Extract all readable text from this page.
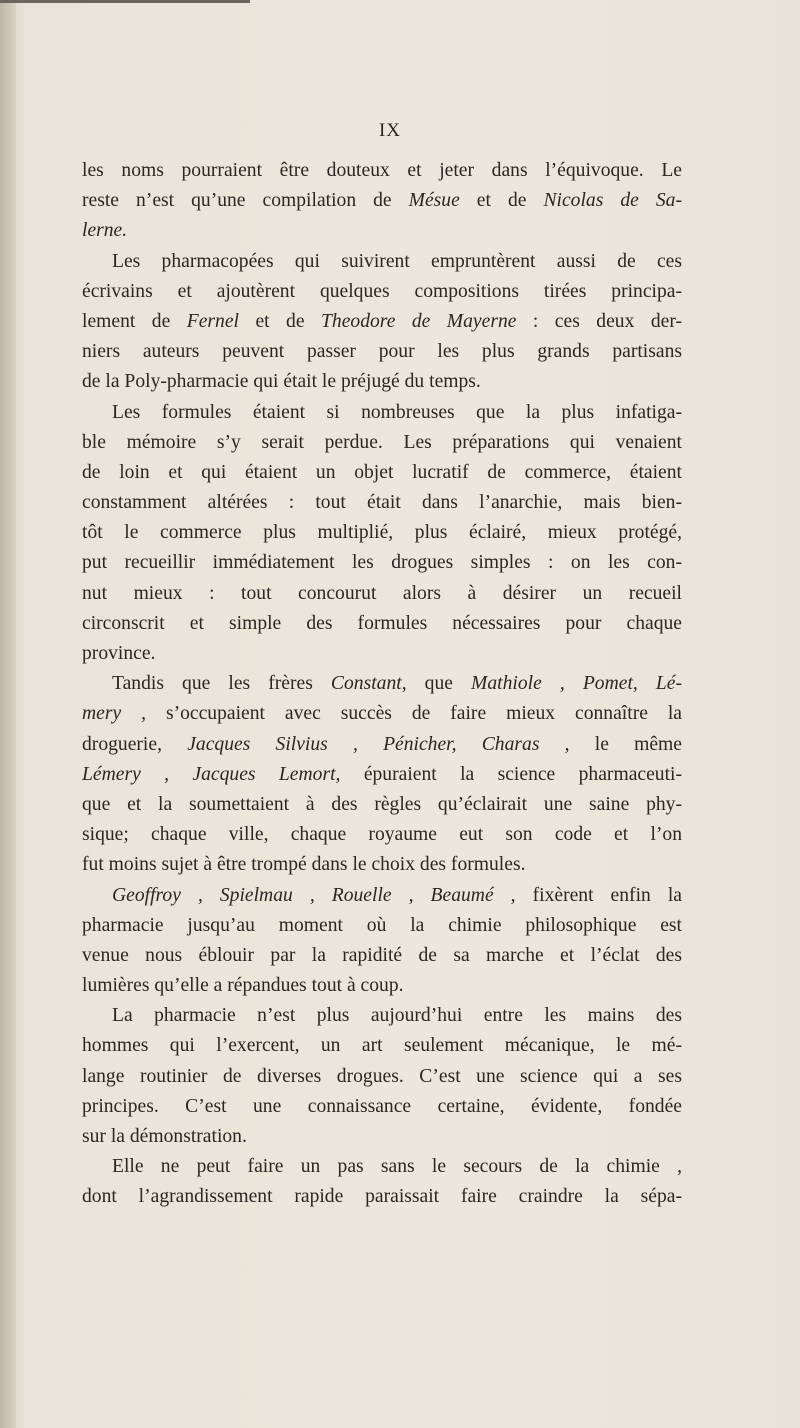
IX
les noms pourraient être douteux et jeter dans l’équivoque. Le
reste n’est qu’une compilation de Mésue et de Nicolas de Sa-
lerne.
Les pharmacopées qui suivirent empruntèrent aussi de ces
écrivains et ajoutèrent quelques compositions tirées principa-
lement de Fernel et de Theodore de Mayerne : ces deux der-
niers auteurs peuvent passer pour les plus grands partisans
de la Poly-pharmacie qui était le préjugé du temps.
Les formules étaient si nombreuses que la plus infatiga-
ble mémoire s’y serait perdue. Les préparations qui venaient
de loin et qui étaient un objet lucratif de commerce, étaient
constamment altérées : tout était dans l’anarchie, mais bien-
tôt le commerce plus multiplié, plus éclairé, mieux protégé,
put recueillir immédiatement les drogues simples : on les con-
nut mieux : tout concourut alors à désirer un recueil
circonscrit et simple des formules nécessaires pour chaque
province.
Tandis que les frères Constant, que Mathiole , Pomet, Lé-
mery , s’occupaient avec succès de faire mieux connaître la
droguerie, Jacques Silvius , Pénicher, Charas , le même
Lémery , Jacques Lemort, épuraient la science pharmaceuti-
que et la soumettaient à des règles qu’éclairait une saine phy-
sique; chaque ville, chaque royaume eut son code et l’on
fut moins sujet à être trompé dans le choix des formules.
Geoffroy , Spielmau , Rouelle , Beaumé , fixèrent enfin la
pharmacie jusqu’au moment où la chimie philosophique est
venue nous éblouir par la rapidité de sa marche et l’éclat des
lumières qu’elle a répandues tout à coup.
La pharmacie n’est plus aujourd’hui entre les mains des
hommes qui l’exercent, un art seulement mécanique, le mé-
lange routinier de diverses drogues. C’est une science qui a ses
principes. C’est une connaissance certaine, évidente, fondée
sur la démonstration.
Elle ne peut faire un pas sans le secours de la chimie ,
dont l’agrandissement rapide paraissait faire craindre la sépa-
